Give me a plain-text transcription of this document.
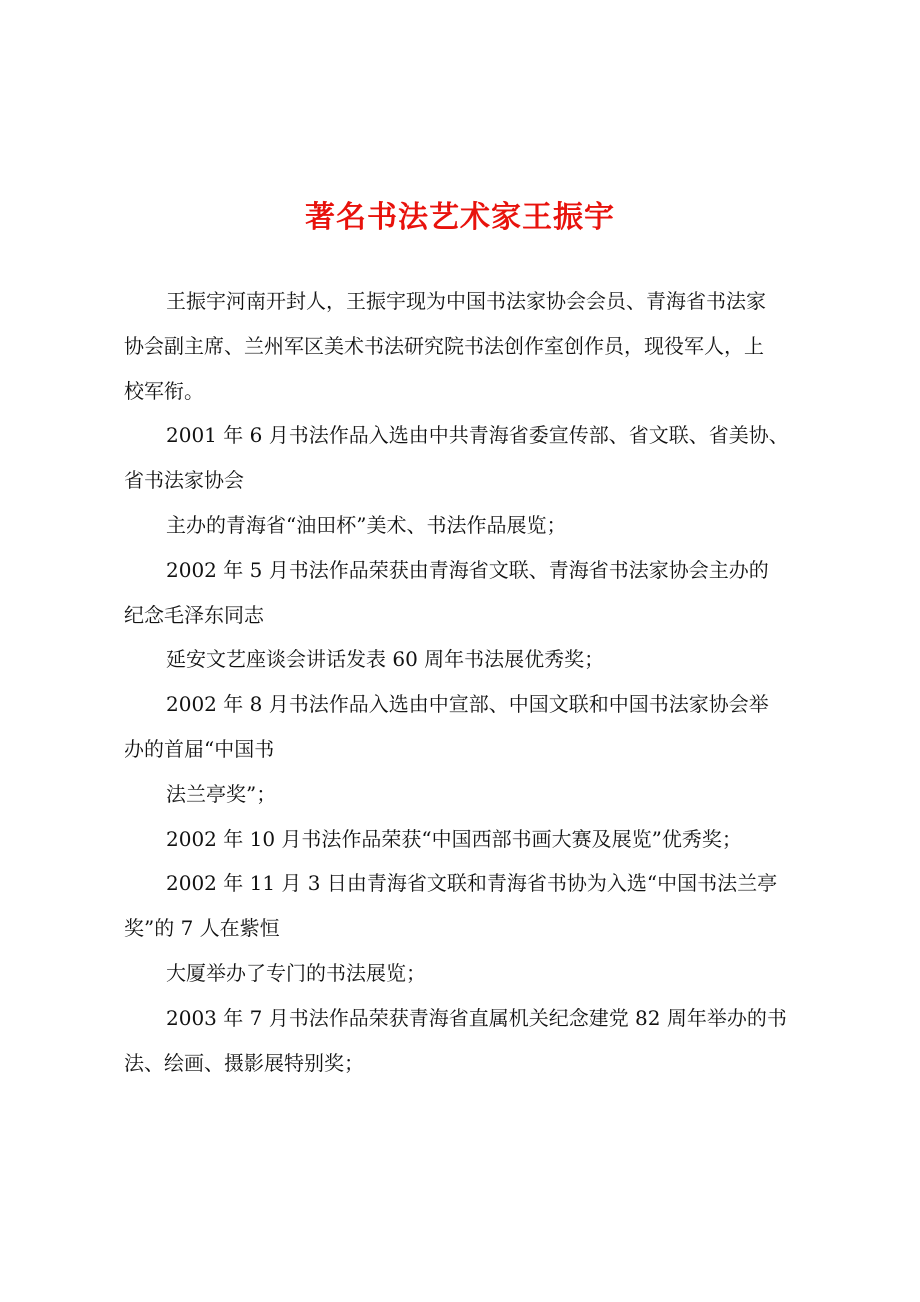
著名书法艺术家王振宇
王振宇河南开封人，王振宇现为中国书法家协会会员、青海省书法家
协会副主席、兰州军区美术书法研究院书法创作室创作员，现役军人，上
校军衔。
2001 年 6 月书法作品入选由中共青海省委宣传部、省文联、省美协、
省书法家协会
主办的青海省“油田杯”美术、书法作品展览；
2002 年 5 月书法作品荣获由青海省文联、青海省书法家协会主办的
纪念毛泽东同志
延安文艺座谈会讲话发表 60 周年书法展优秀奖；
2002 年 8 月书法作品入选由中宣部、中国文联和中国书法家协会举
办的首届“中国书
法兰亭奖”；
2002 年 10 月书法作品荣获“中国西部书画大赛及展览”优秀奖；
2002 年 11 月 3 日由青海省文联和青海省书协为入选“中国书法兰亭
奖”的 7 人在紫恒
大厦举办了专门的书法展览；
2003 年 7 月书法作品荣获青海省直属机关纪念建党 82 周年举办的书
法、绘画、摄影展特别奖；
